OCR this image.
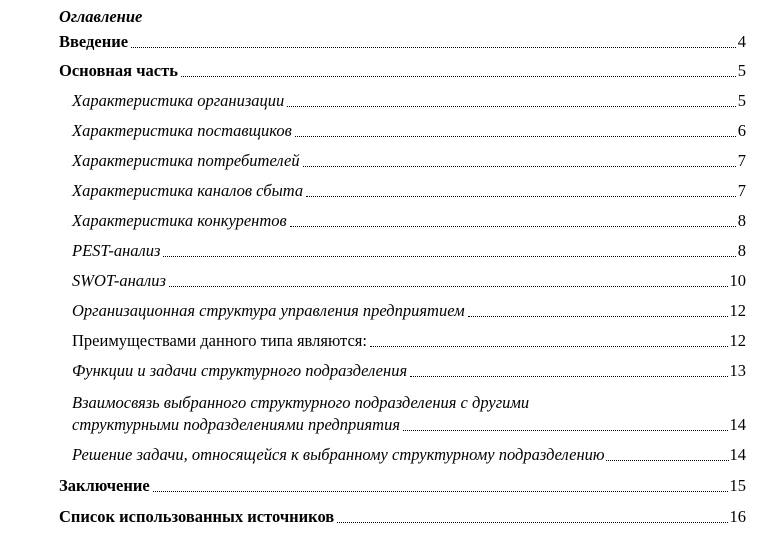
Оглавление
Введение	4
Основная часть	5
Характеристика организации	5
Характеристика поставщиков	6
Характеристика потребителей	7
Характеристика каналов сбыта	7
Характеристика конкурентов	8
PEST-анализ	8
SWOT-анализ	10
Организационная структура управления предприятием	12
Преимуществами данного типа являются:	12
Функции и задачи структурного подразделения	13
Взаимосвязь выбранного структурного подразделения с другими
структурными подразделениями предприятия	14
Решение задачи, относящейся к выбранному структурному подразделению	14
Заключение	15
Список использованных источников	16
